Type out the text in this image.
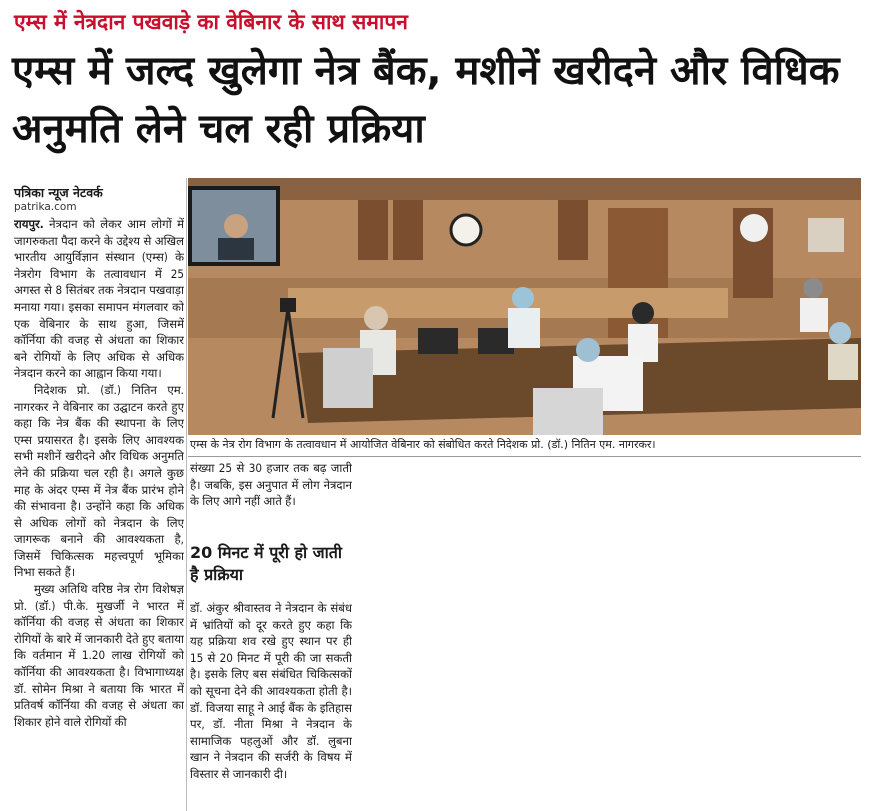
एम्स में नेत्रदान पखवाड़े का वेबिनार के साथ समापन
एम्स में जल्द खुलेगा नेत्र बैंक, मशीनें खरीदने और विधिक अनुमति लेने चल रही प्रक्रिया
पत्रिका न्यूज नेटवर्क
patrika.com

रायपुर. नेत्रदान को लेकर आम लोगों में जागरुकता पैदा करने के उद्देश्य से अखिल भारतीय आयुर्विज्ञान संस्थान (एम्स) के नेत्ररोग विभाग के तत्वावधान में 25 अगस्त से 8 सितंबर तक नेत्रदान पखवाड़ा मनाया गया। इसका समापन मंगलवार को एक वेबिनार के साथ हुआ, जिसमें कॉर्निया की वजह से अंधता का शिकार बने रोगियों के लिए अधिक से अधिक नेत्रदान करने का आह्वान किया गया।

निदेशक प्रो. (डॉ.) नितिन एम. नागरकर ने वेबिनार का उद्घाटन करते हुए कहा कि नेत्र बैंक की स्थापना के लिए एम्स प्रयासरत है। इसके लिए आवश्यक सभी मशीनें खरीदने और विधिक अनुमति लेने की प्रक्रिया चल रही है। अगले कुछ माह के अंदर एम्स में नेत्र बैंक प्रारंभ होने की संभावना है। उन्होंने कहा कि अधिक से अधिक लोगों को नेत्रदान के लिए जागरूक बनाने की आवश्यकता है, जिसमें चिकित्सक महत्त्वपूर्ण भूमिका निभा सकते हैं।

मुख्य अतिथि वरिष्ठ नेत्र रोग विशेषज्ञ प्रो. (डॉ.) पी.के. मुखर्जी ने भारत में कॉर्निया की वजह से अंधता का शिकार रोगियों के बारे में जानकारी देते हुए बताया कि वर्तमान में 1.20 लाख रोगियों को कॉर्निया की आवश्यकता है। विभागाध्यक्ष डॉ. सोमेन मिश्रा ने बताया कि भारत में प्रतिवर्ष कॉर्निया की वजह से अंधता का शिकार होने वाले रोगियों की

एम्स के नेत्र रोग विभाग के तत्वावधान में आयोजित वेबिनार को संबोधित करते निदेशक प्रो. (डॉ.) नितिन एम. नागरकर।

संख्या 25 से 30 हजार तक बढ़ जाती है। जबकि, इस अनुपात में लोग नेत्रदान के लिए आगे नहीं आते हैं।

20 मिनट में पूरी हो जाती है प्रक्रिया

डॉ. अंकुर श्रीवास्तव ने नेत्रदान के संबंध में भ्रांतियों को दूर करते हुए कहा कि यह प्रक्रिया शव रखे हुए स्थान पर ही 15 से 20 मिनट में पूरी की जा सकती है। इसके लिए बस संबंधित चिकित्सकों को सूचना देने की आवश्यकता होती है। डॉ. विजया साहू ने आई बैंक के इतिहास पर, डॉ. नीता मिश्रा ने नेत्रदान के सामाजिक पहलुओं और डॉ. लुबना खान ने नेत्रदान की सर्जरी के विषय में विस्तार से जानकारी दी।
